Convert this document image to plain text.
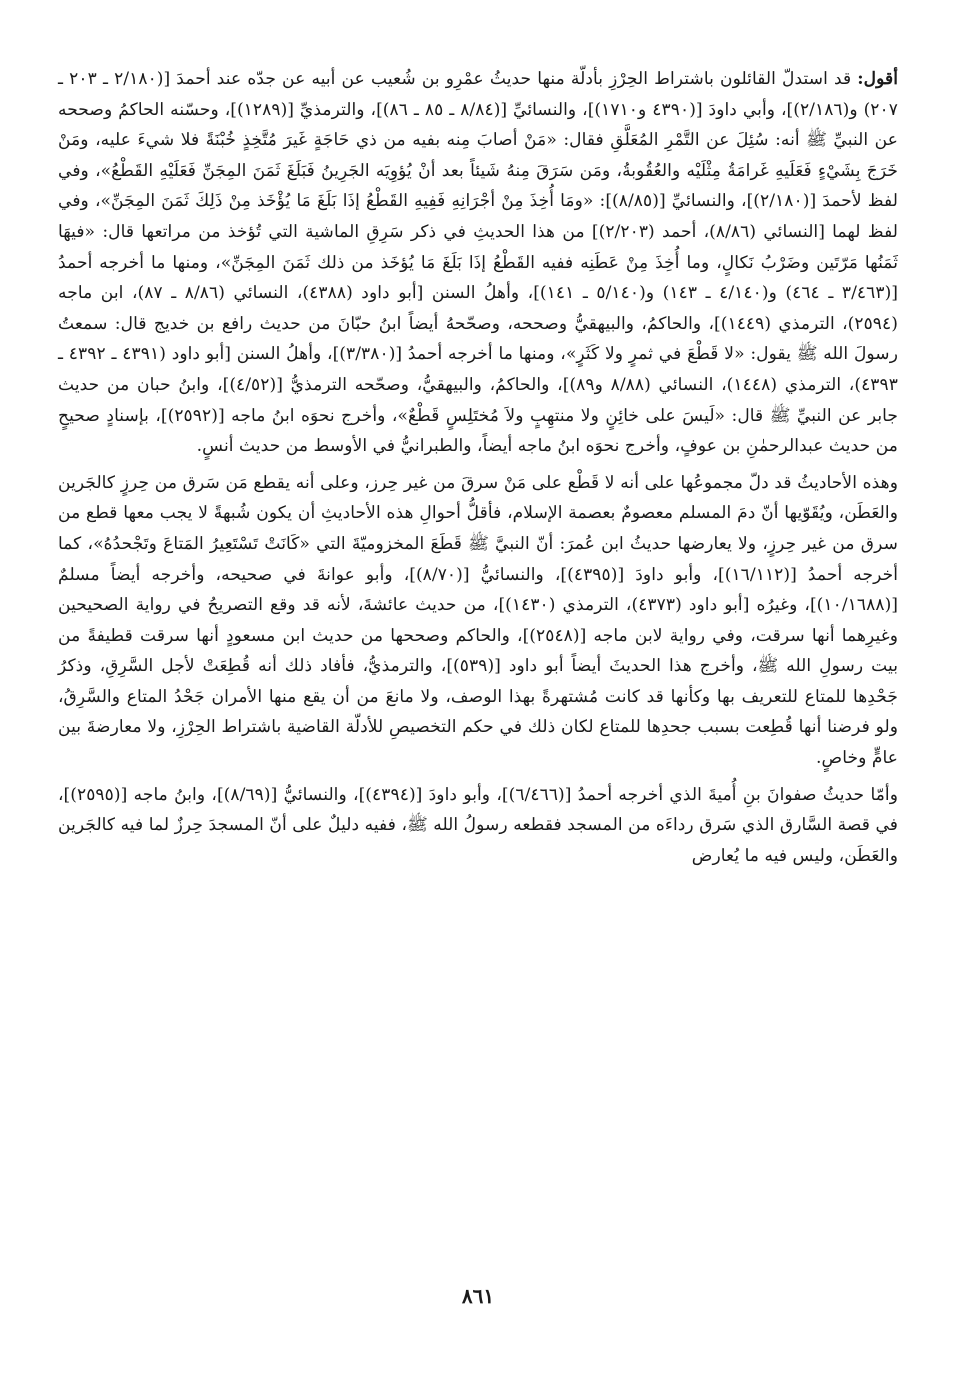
أقول: قد استدلّ القائلون باشتراط الحِرْزِ بأدلّة منها حديثُ عمْرِو بن شُعيب عن أبيه عن جدّه عند أحمدَ [(٢/١٨٠ ـ ٢٠٣ ـ ٢٠٧) و(٢/١٨٦)]، وأبي داودَ [(٤٣٩٠ و١٧١٠)]، والنسائيِّ [(٨/٨٤ ـ ٨٥ ـ ٨٦)]، والترمذيِّ [(١٢٨٩)]، وحسّنه الحاكمُ وصححه عن النبيِّ ﷺ أنه: سُئِلَ عن التَّمْرِ المُعَلَّقِ فقال: «مَنْ أصابَ مِنه بفيه من ذي حَاجَةٍ غَيرَ مُتَّخِذٍ خُبْنَةً فلا شيءَ عليه، ومَنْ خَرَجَ بِشَيْءٍ فَعَلَيهِ غَرامَةُ مِثْلَيْه والعُقُوبةُ، ومَن سَرَقَ مِنهُ شَيئاً بعد أنْ يُؤوِيَه الجَرِينُ فَبَلَغَ ثَمَنَ المِجَنِّ فَعَلَيْهِ القَطْعُ»، وفي لفظ لأحمدَ [(٢/١٨٠)]، والنسائيِّ [(٨/٨٥)]: «ومَا أُخِذَ مِنْ أجْرَانِهِ فَفِيهِ القَطْعُ إذَا بَلَغَ مَا يُؤْخَذ مِنْ ذَلِكَ ثَمَنَ المِجَنِّ»، وفي لفظ لهما [النسائي (٨/٨٦)، أحمد (٢/٢٠٣)] من هذا الحديثِ في ذكر سَرِقِ الماشية التي تُؤخذ من مراتعها قال: «فيهَا ثَمَنُها مَرّتَين وضَرْبُ نَكالٍ، وما أُخِذَ مِنْ عَطَنِه ففيه القَطْعُ إذَا بَلَغَ مَا يُؤخَذ من ذلك ثَمَنَ المِجَنِّ»، ومنها ما أخرجه أحمدُ [(٣/٤٦٣ ـ ٤٦٤) و(٤/١٤٠ ـ ١٤٣) و(٥/١٤٠ ـ ١٤١)]، وأهلُ السنن [أبو داود (٤٣٨٨)، النسائي (٨/٨٦ ـ ٨٧)، ابن ماجه (٢٥٩٤)، الترمذي (١٤٤٩)]، والحاكمُ، والبيهقيُّ وصححه، وصحّحهُ أيضاً ابنُ حبّانَ من حديث رافع بن خديج قال: سمعتُ رسولَ الله ﷺ يقول: «لا قَطْعَ في ثمرٍ ولا كَثَرٍ»، ومنها ما أخرجه أحمدُ [(٣/٣٨٠)]، وأهلُ السنن [أبو داود (٤٣٩١ ـ ٤٣٩٢ ـ ٤٣٩٣)، الترمذي (١٤٤٨)، النسائي (٨/٨٨ و٨٩)]، والحاكمُ، والبيهقيُّ، وصحّحه الترمذيُّ [(٤/٥٢)]، وابنُ حبان من حديث جابر عن النبيِّ ﷺ قال: «لَيسَ على خائِنٍ ولا منتهِبٍ ولاَ مُختَلِسٍ قَطْعٌ»، وأخرج نحوَه ابنُ ماجه [(٢٥٩٢)]، بإسنادٍ صحيحٍ من حديث عبدالرحمٰنِ بن عوفٍ، وأخرج نحوَه ابنُ ماجه أيضاً، والطبرانيُّ في الأوسط من حديث أنسٍ.

وهذه الأحاديثُ قد دلّ مجموعُها على أنه لا قَطْع على مَنْ سرقَ من غير حِرز، وعلى أنه يقطع مَن سَرق من حِرزٍ كالجَرين والعَطَن، ويُقَوّيها أنّ دمَ المسلم معصومٌ بعصمة الإسلام، فأقلُّ أحوالِ هذه الأحاديثِ أن يكون شُبهةً لا يجب معها قطع من سرق من غير حِرزٍ، ولا يعارضها حديثُ ابن عُمرَ: أنّ النبيَّ ﷺ قَطَعَ المخزوميّةَ التي «كَانَتْ تَسْتَعِيرُ المَتاعَ وتَجْحدُهُ»، كما أخرجه أحمدُ [(١٦/١١٢)]، وأبو داودَ [(٤٣٩٥)]، والنسائيُّ [(٨/٧٠)]، وأبو عوانةَ في صحيحه، وأخرجه أيضاً مسلمٌ [(١٠/١٦٨٨)]، وغيرُه [أبو داود (٤٣٧٣)، الترمذي (١٤٣٠)]، من حديث عائشةَ، لأنه قد وقع التصريحُ في رواية الصحيحين وغيرِهما أنها سرقت، وفي رواية لابن ماجه [(٢٥٤٨)]، والحاكم وصححها من حديث ابن مسعودٍ أنها سرقت قطيفةً من بيت رسولِ الله ﷺ، وأخرج هذا الحديثَ أيضاً أبو داود [(٥٣٩)]، والترمذيُّ، فأفاد ذلك أنه قُطِعَتْ لأجل السَّرِقِ، وذكرُ جَحْدِها للمتاع للتعريف بها وكأنها قد كانت مُشتهرةً بهذا الوصف، ولا مانعَ من أن يقع منها الأمران جَحْدُ المتاع والسَّرِقُ، ولو فرضنا أنها قُطِعت بسبب جحدِها للمتاع لكان ذلك في حكم التخصيصِ للأدلّة القاضية باشتراط الحِرْزِ، ولا معارضةَ بين عامٍّ وخاصٍ.

وأمّا حديثُ صفوانَ بنِ أُميةَ الذي أخرجه أحمدُ [(٦/٤٦٦)]، وأبو داودَ [(٤٣٩٤)]، والنسائيُّ [(٨/٦٩)]، وابنُ ماجه [(٢٥٩٥)]، في قصة السَّارق الذي سَرق رداءَه من المسجد فقطعه رسولُ الله ﷺ، ففيه دليلٌ على أنّ المسجدَ حِرزٌ لما فيه كالجَرين والعَطَن، وليس فيه ما يُعارض

٨٦١
